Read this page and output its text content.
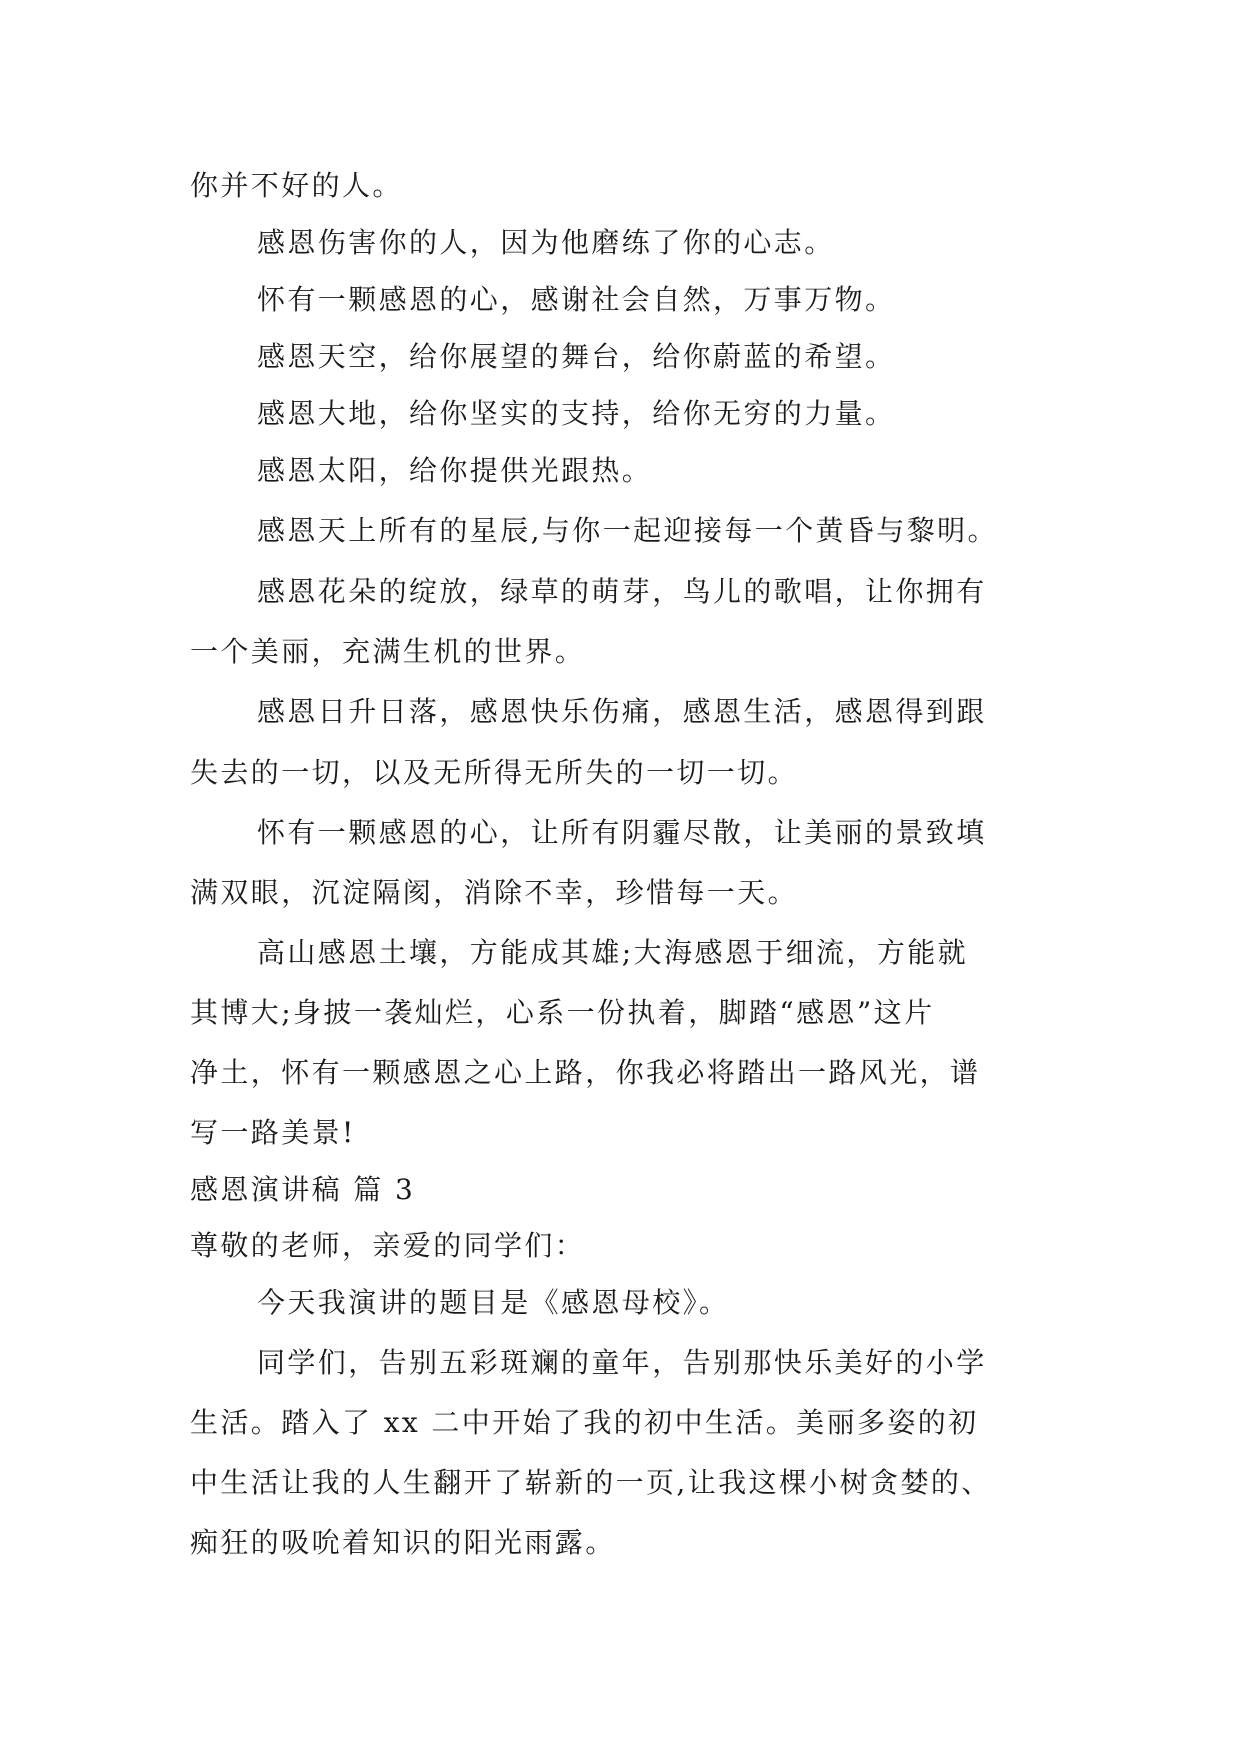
你并不好的人。
感恩伤害你的人，因为他磨练了你的心志。
怀有一颗感恩的心，感谢社会自然，万事万物。
感恩天空，给你展望的舞台，给你蔚蓝的希望。
感恩大地，给你坚实的支持，给你无穷的力量。
感恩太阳，给你提供光跟热。
感恩天上所有的星辰,与你一起迎接每一个黄昏与黎明。
感恩花朵的绽放，绿草的萌芽，鸟儿的歌唱，让你拥有
一个美丽，充满生机的世界。
感恩日升日落，感恩快乐伤痛，感恩生活，感恩得到跟
失去的一切，以及无所得无所失的一切一切。
怀有一颗感恩的心，让所有阴霾尽散，让美丽的景致填
满双眼，沉淀隔阂，消除不幸，珍惜每一天。
高山感恩土壤，方能成其雄;大海感恩于细流，方能就
其博大;身披一袭灿烂，心系一份执着，脚踏“感恩”这片
净土，怀有一颗感恩之心上路，你我必将踏出一路风光，谱
写一路美景!
感恩演讲稿 篇 3
尊敬的老师，亲爱的同学们：
今天我演讲的题目是《感恩母校》。
同学们，告别五彩斑斓的童年，告别那快乐美好的小学
生活。踏入了 xx 二中开始了我的初中生活。美丽多姿的初
中生活让我的人生翻开了崭新的一页,让我这棵小树贪婪的、
痴狂的吸吮着知识的阳光雨露。
